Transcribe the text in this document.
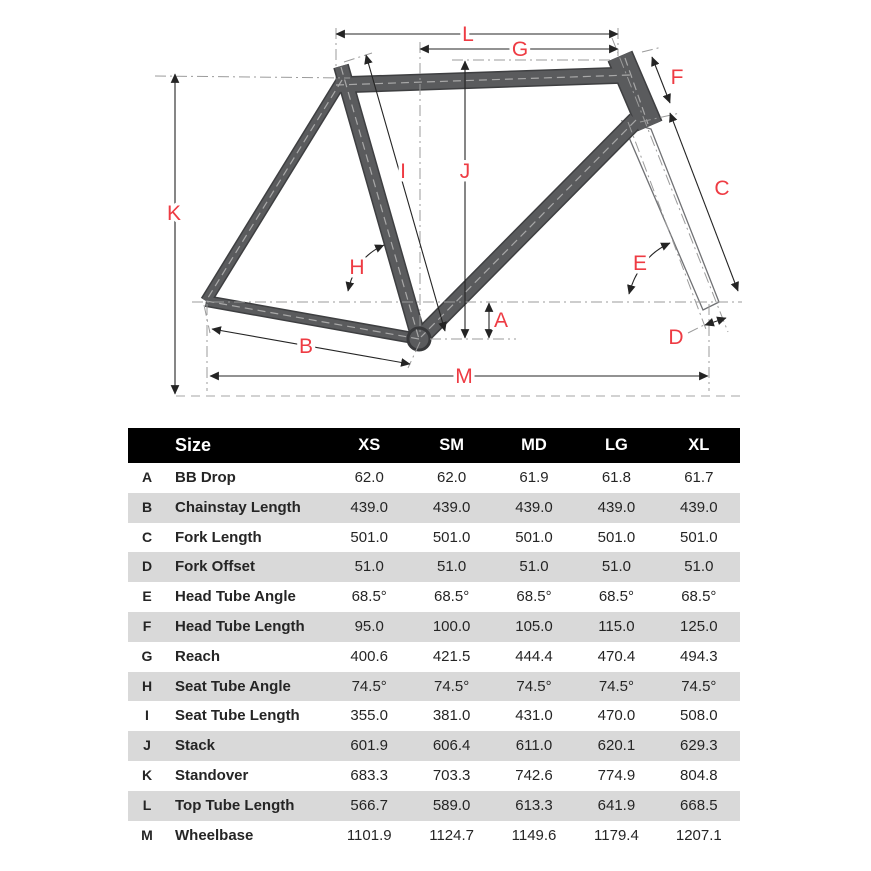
A
B
C
D
E
F
G
H
I	J
K
L
M
Size	XS	SM	MD	LG	XL
A	BB Drop	62.0	62.0	61.9	61.8	61.7
B	Chainstay Length	439.0	439.0	439.0	439.0	439.0
C	Fork Length	501.0	501.0	501.0	501.0	501.0
D	Fork Offset	51.0	51.0	51.0	51.0	51.0
E	Head Tube Angle	68.5°	68.5°	68.5°	68.5°	68.5°
F	Head Tube Length	95.0	100.0	105.0	115.0	125.0
G	Reach	400.6	421.5	444.4	470.4	494.3
H	Seat Tube Angle	74.5°	74.5°	74.5°	74.5°	74.5°
I	Seat Tube Length	355.0	381.0	431.0	470.0	508.0
J	Stack	601.9	606.4	611.0	620.1	629.3
K	Standover	683.3	703.3	742.6	774.9	804.8
L	Top Tube Length	566.7	589.0	613.3	641.9	668.5
M	Wheelbase	1101.9	1124.7	1149.6	1179.4	1207.1
